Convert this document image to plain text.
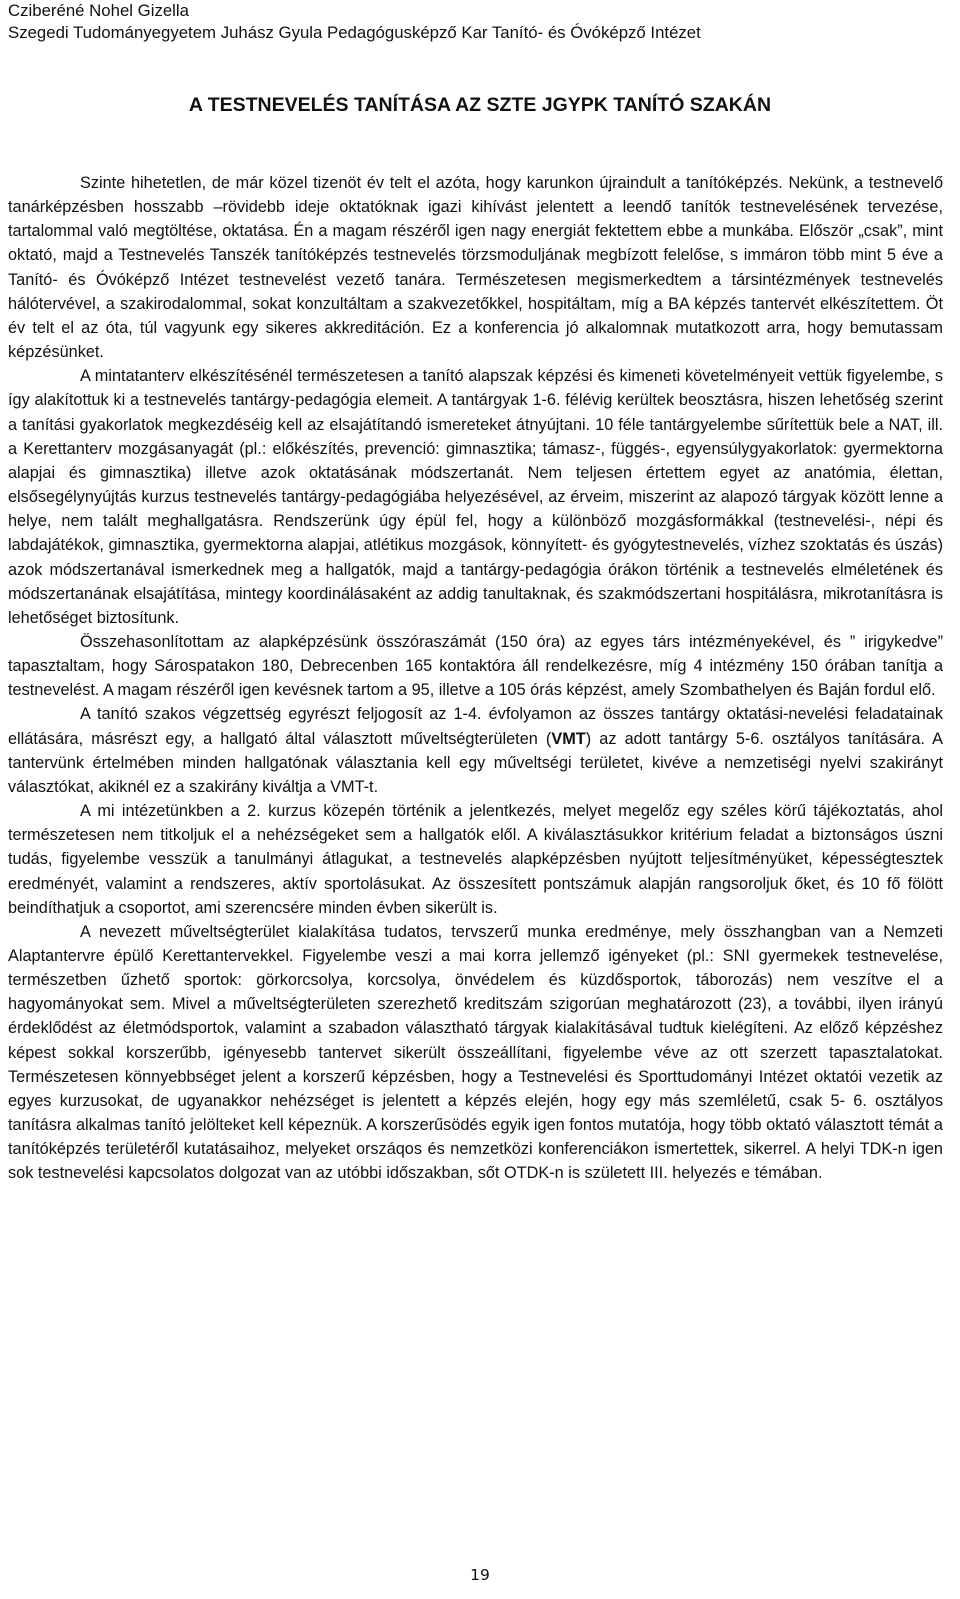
Cziberéné Nohel Gizella
Szegedi Tudományegyetem Juhász Gyula Pedagógusképző Kar Tanító- és Óvóképző Intézet
A TESTNEVELÉS TANÍTÁSA AZ SZTE JGYPK TANÍTÓ SZAKÁN

Szinte hihetetlen, de már közel tizenöt év telt el azóta, hogy karunkon újraindult a tanítóképzés. Nekünk, a testnevelő tanárképzésben hosszabb –rövidebb ideje oktatóknak igazi kihívást jelentett a leendő tanítók testnevelésének tervezése, tartalommal való megtöltése, oktatása. Én a magam részéről igen nagy energiát fektettem ebbe a munkába. Először „csak”, mint oktató, majd a Testnevelés Tanszék tanítóképzés testnevelés törzsmoduljának megbízott felelőse, s immáron több mint 5 éve a Tanító- és Óvóképző Intézet testnevelést vezető tanára. Természetesen megismerkedtem a társintézmények testnevelés hálótervével, a szakirodalommal, sokat konzultáltam a szakvezetőkkel, hospitáltam, míg a BA képzés tantervét elkészítettem. Öt év telt el az óta, túl vagyunk egy sikeres akkreditáción. Ez a konferencia jó alkalomnak mutatkozott arra, hogy bemutassam képzésünket.

A mintatanterv elkészítésénél természetesen a tanító alapszak képzési és kimeneti követelményeit vettük figyelembe, s így alakítottuk ki a testnevelés tantárgy-pedagógia elemeit. A tantárgyak 1-6. félévig kerültek beosztásra, hiszen lehetőség szerint a tanítási gyakorlatok megkezdéséig kell az elsajátítandó ismereteket átnyújtani. 10 féle tantárgyelembe sűrítettük bele a NAT, ill. a Kerettanterv mozgásanyagát (pl.: előkészítés, prevenció: gimnasztika; támasz-, függés-, egyensúlygyakorlatok: gyermektorna alapjai és gimnasztika) illetve azok oktatásának módszertanát. Nem teljesen értettem egyet az anatómia, élettan, elsősegélynyújtás kurzus testnevelés tantárgy-pedagógiába helyezésével, az érveim, miszerint az alapozó tárgyak között lenne a helye, nem talált meghallgatásra. Rendszerünk úgy épül fel, hogy a különböző mozgásformákkal (testnevelési-, népi és labdajátékok, gimnasztika, gyermektorna alapjai, atlétikus mozgások, könnyített- és gyógytestnevelés, vízhez szoktatás és úszás) azok módszertanával ismerkednek meg a hallgatók, majd a tantárgy-pedagógia órákon történik a testnevelés elméletének és módszertanának elsajátítása, mintegy koordinálásaként az addig tanultaknak, és szakmódszertani hospitálásra, mikrotanításra is lehetőséget biztosítunk.

Összehasonlítottam az alapképzésünk összóraszámát (150 óra) az egyes társ intézményekével, és ” irigykedve” tapasztaltam, hogy Sárospatakon 180, Debrecenben 165 kontaktóra áll rendelkezésre, míg 4 intézmény 150 órában tanítja a testnevelést. A magam részéről igen kevésnek tartom a 95, illetve a 105 órás képzést, amely Szombathelyen és Baján fordul elő.

A tanító szakos végzettség egyrészt feljogosít az 1-4. évfolyamon az összes tantárgy oktatási-nevelési feladatainak ellátására, másrészt egy, a hallgató által választott műveltségterületen (VMT) az adott tantárgy 5-6. osztályos tanítására. A tantervünk értelmében minden hallgatónak választania kell egy műveltségi területet, kivéve a nemzetiségi nyelvi szakirányt választókat, akiknél ez a szakirány kiváltja a VMT-t.

A mi intézetünkben a 2. kurzus közepén történik a jelentkezés, melyet megelőz egy széles körű tájékoztatás, ahol természetesen nem titkoljuk el a nehézségeket sem a hallgatók elől. A kiválasztásukkor kritérium feladat a biztonságos úszni tudás, figyelembe vesszük a tanulmányi átlagukat, a testnevelés alapképzésben nyújtott teljesítményüket, képességtesztek eredményét, valamint a rendszeres, aktív sportolásukat. Az összesített pontszámuk alapján rangsoroljuk őket, és 10 fő fölött beindíthatjuk a csoportot, ami szerencsére minden évben sikerült is.

A nevezett műveltségterület kialakítása tudatos, tervszerű munka eredménye, mely összhangban van a Nemzeti Alaptantervre épülő Kerettantervekkel. Figyelembe veszi a mai korra jellemző igényeket (pl.: SNI gyermekek testnevelése, természetben űzhető sportok: görkorcsolya, korcsolya, önvédelem és küzdősportok, táborozás) nem veszítve el a hagyományokat sem. Mivel a műveltségterületen szerezhető kreditszám szigorúan meghatározott (23), a további, ilyen irányú érdeklődést az életmódsportok, valamint a szabadon választható tárgyak kialakításával tudtuk kielégíteni. Az előző képzéshez képest sokkal korszerűbb, igényesebb tantervet sikerült összeállítani, figyelembe véve az ott szerzett tapasztalatokat. Természetesen könnyebbséget jelent a korszerű képzésben, hogy a Testnevelési és Sporttudományi Intézet oktatói vezetik az egyes kurzusokat, de ugyanakkor nehézséget is jelentett a képzés elején, hogy egy más szemléletű, csak 5- 6. osztályos tanításra alkalmas tanító jelölteket kell képeznük. A korszerűsödés egyik igen fontos mutatója, hogy több oktató választott témát a tanítóképzés területéről kutatásaihoz, melyeket orszáqos és nemzetközi konferenciákon ismertettek, sikerrel. A helyi TDK-n igen sok testnevelési kapcsolatos dolgozat van az utóbbi időszakban, sőt OTDK-n is született III. helyezés e témában.

19
